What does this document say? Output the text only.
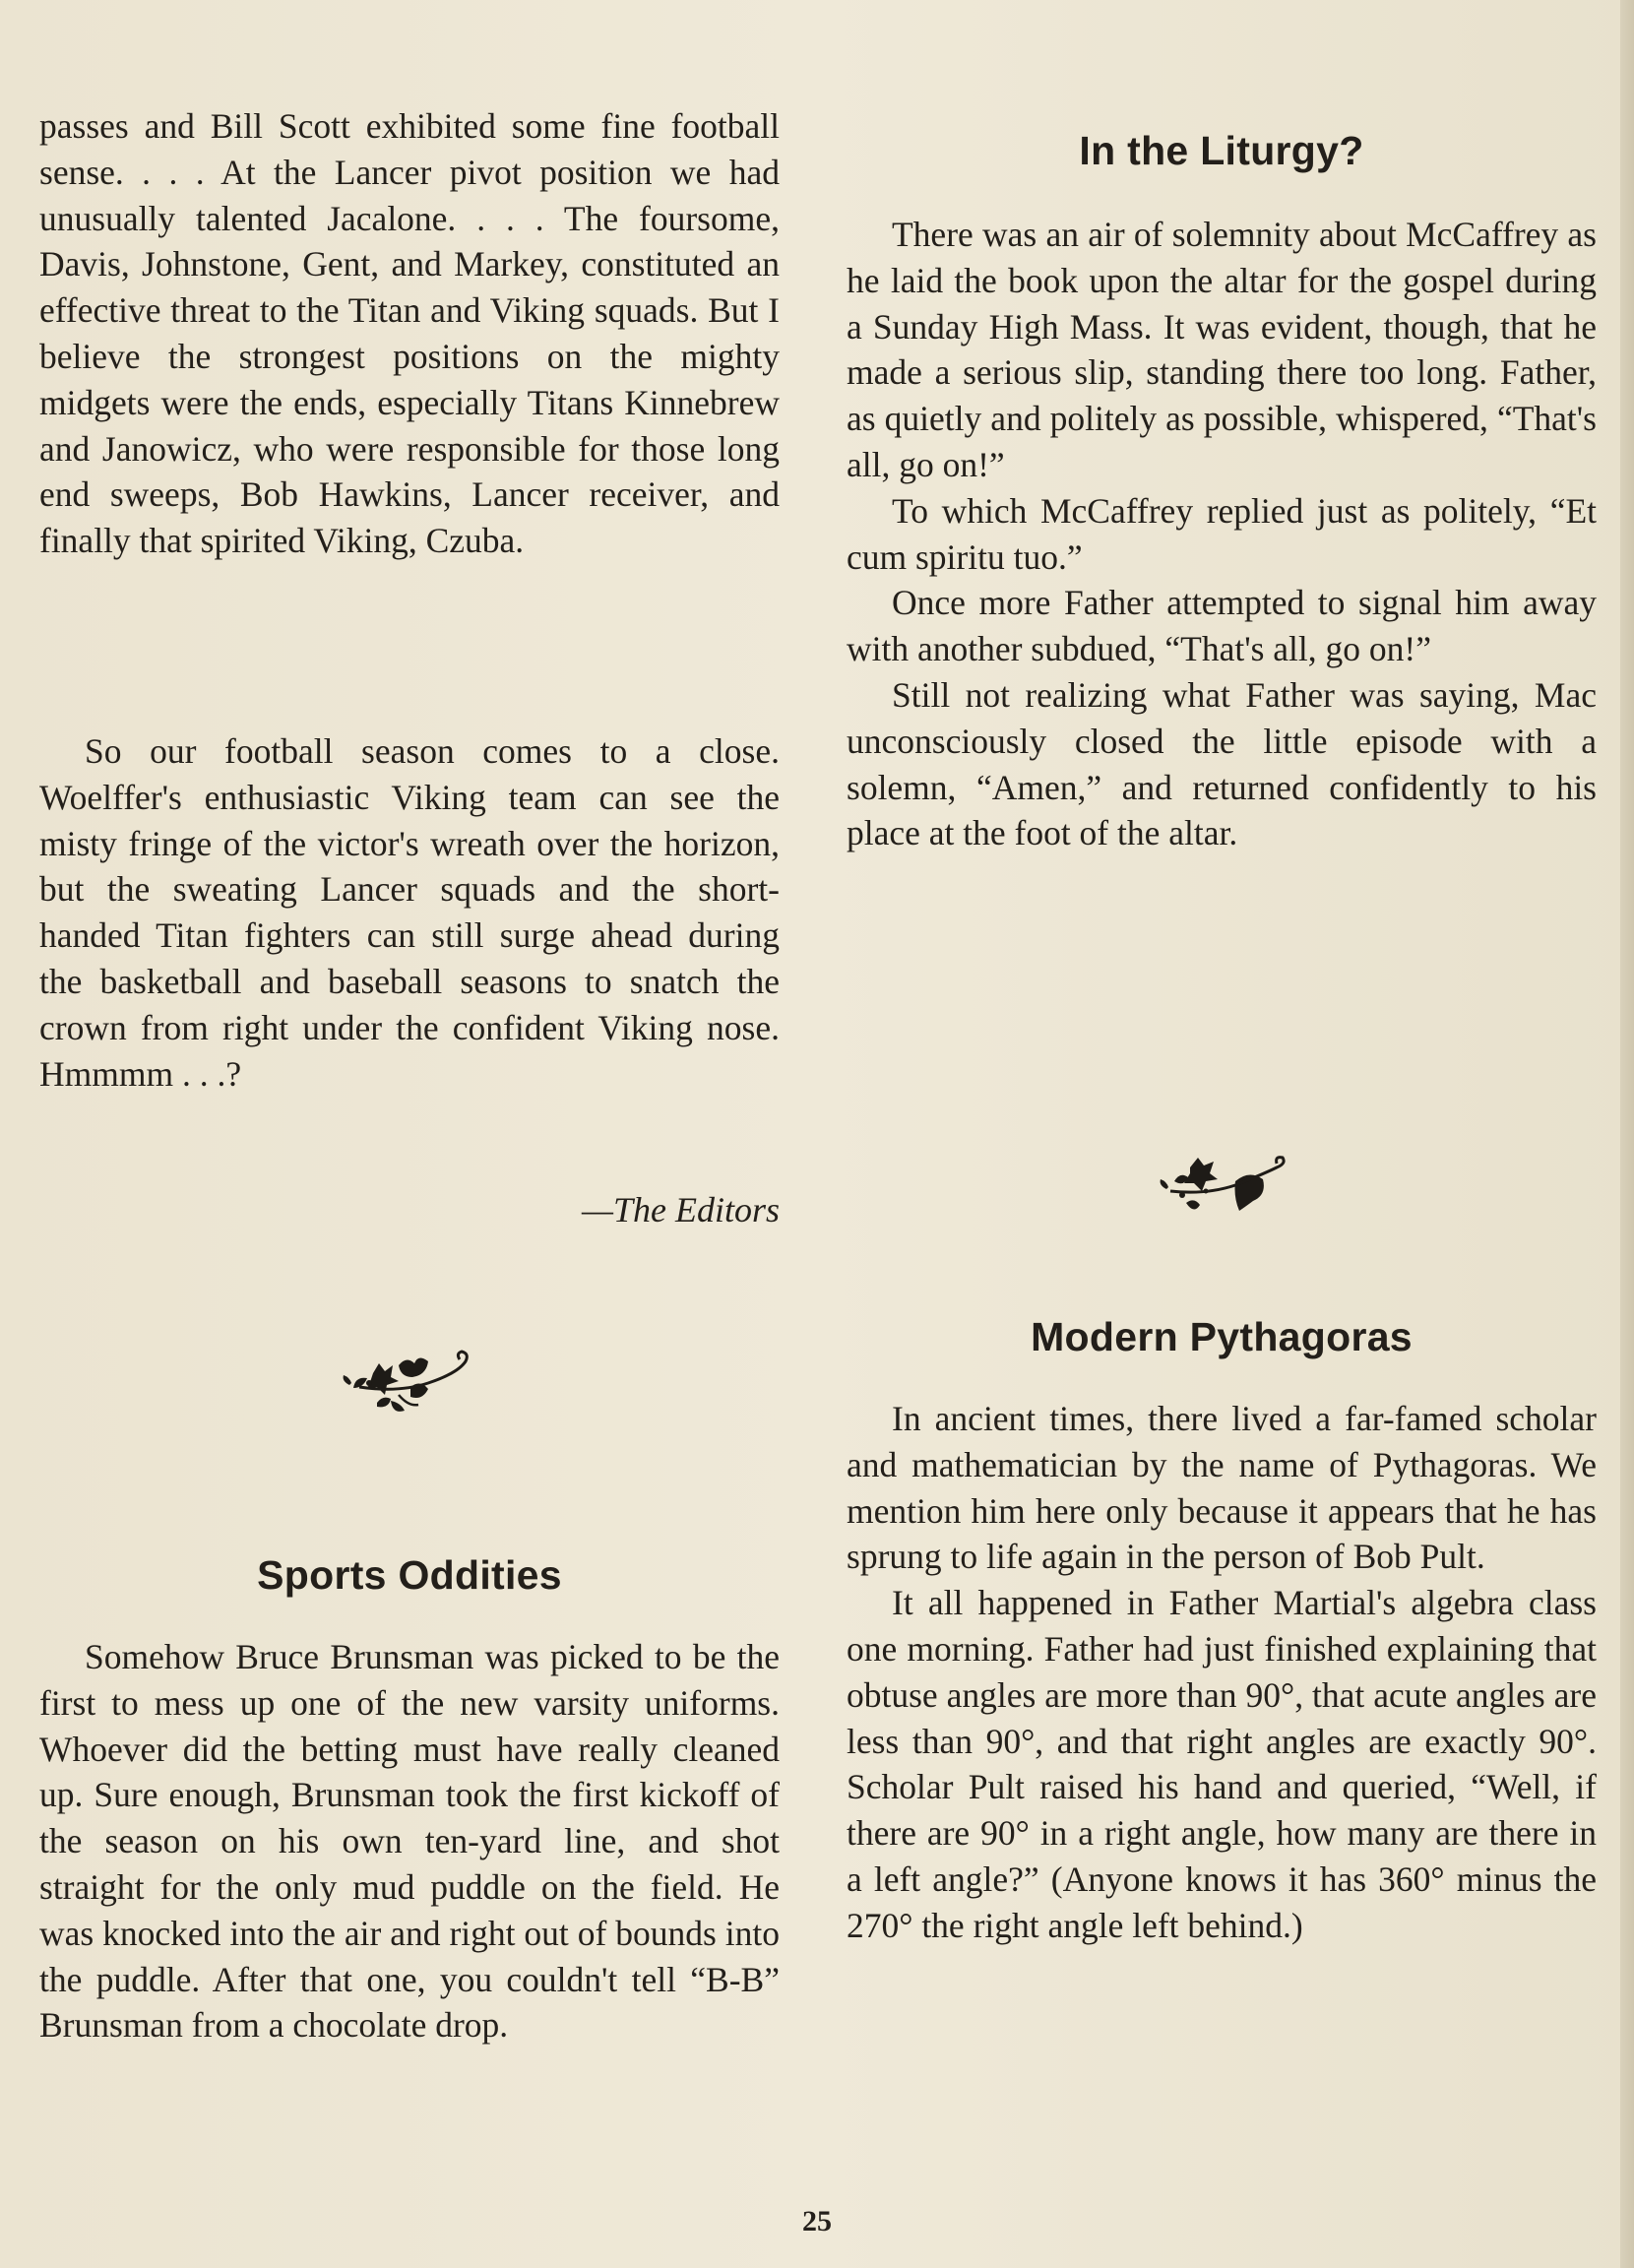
passes and Bill Scott exhibited some fine football sense. . . . At the Lancer pivot position we had unusually talented Jacalone. . . . The foursome, Davis, Johnstone, Gent, and Markey, constituted an effective threat to the Titan and Viking squads. But I believe the strongest positions on the mighty midgets were the ends, especially Titans Kinnebrew and Janowicz, who were responsible for those long end sweeps, Bob Hawkins, Lancer receiver, and finally that spirited Viking, Czuba.

So our football season comes to a close. Woelffer's enthusiastic Viking team can see the misty fringe of the victor's wreath over the horizon, but the sweating Lancer squads and the short-handed Titan fighters can still surge ahead during the basketball and baseball seasons to snatch the crown from right under the confident Viking nose. Hmmmm . . .?

—The Editors

Sports Oddities

Somehow Bruce Brunsman was picked to be the first to mess up one of the new varsity uniforms. Whoever did the betting must have really cleaned up. Sure enough, Brunsman took the first kickoff of the season on his own ten-yard line, and shot straight for the only mud puddle on the field. He was knocked into the air and right out of bounds into the puddle. After that one, you couldn't tell “B-B” Brunsman from a chocolate drop.

In the Liturgy?

There was an air of solemnity about McCaffrey as he laid the book upon the altar for the gospel during a Sunday High Mass. It was evident, though, that he made a serious slip, standing there too long. Father, as quietly and politely as possible, whispered, “That's all, go on!”

To which McCaffrey replied just as politely, “Et cum spiritu tuo.”

Once more Father attempted to signal him away with another subdued, “That's all, go on!”

Still not realizing what Father was saying, Mac unconsciously closed the little episode with a solemn, “Amen,” and returned confidently to his place at the foot of the altar.

Modern Pythagoras

In ancient times, there lived a far-famed scholar and mathematician by the name of Pythagoras. We mention him here only because it appears that he has sprung to life again in the person of Bob Pult.

It all happened in Father Martial's algebra class one morning. Father had just finished explaining that obtuse angles are more than 90°, that acute angles are less than 90°, and that right angles are exactly 90°. Scholar Pult raised his hand and queried, “Well, if there are 90° in a right angle, how many are there in a left angle?” (Anyone knows it has 360° minus the 270° the right angle left behind.)

25
